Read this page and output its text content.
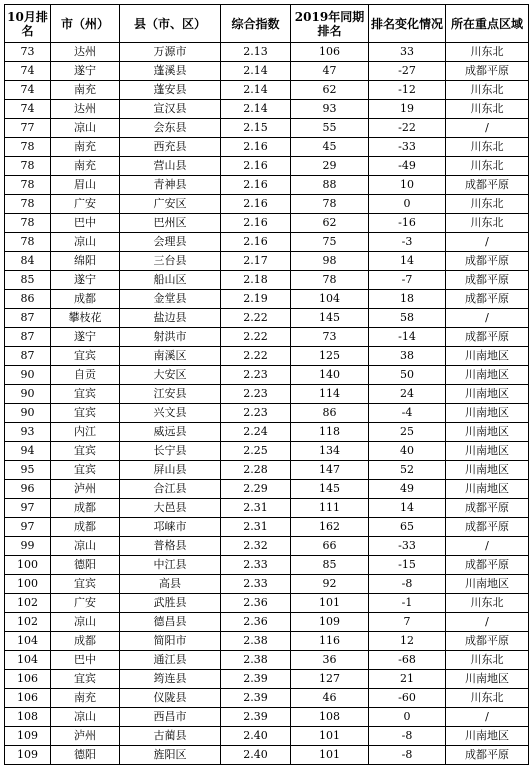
10月排名	市（州）	县（市、区）	综合指数	2019年同期排名	排名变化情况	所在重点区域
73	达州	万源市	2.13	106	33	川东北
74	遂宁	蓬溪县	2.14	47	-27	成都平原
74	南充	蓬安县	2.14	62	-12	川东北
74	达州	宣汉县	2.14	93	19	川东北
77	凉山	会东县	2.15	55	-22	/
78	南充	西充县	2.16	45	-33	川东北
78	南充	营山县	2.16	29	-49	川东北
78	眉山	青神县	2.16	88	10	成都平原
78	广安	广安区	2.16	78	0	川东北
78	巴中	巴州区	2.16	62	-16	川东北
78	凉山	会理县	2.16	75	-3	/
84	绵阳	三台县	2.17	98	14	成都平原
85	遂宁	船山区	2.18	78	-7	成都平原
86	成都	金堂县	2.19	104	18	成都平原
87	攀枝花	盐边县	2.22	145	58	/
87	遂宁	射洪市	2.22	73	-14	成都平原
87	宜宾	南溪区	2.22	125	38	川南地区
90	自贡	大安区	2.23	140	50	川南地区
90	宜宾	江安县	2.23	114	24	川南地区
90	宜宾	兴文县	2.23	86	-4	川南地区
93	内江	威远县	2.24	118	25	川南地区
94	宜宾	长宁县	2.25	134	40	川南地区
95	宜宾	屏山县	2.28	147	52	川南地区
96	泸州	合江县	2.29	145	49	川南地区
97	成都	大邑县	2.31	111	14	成都平原
97	成都	邛崃市	2.31	162	65	成都平原
99	凉山	普格县	2.32	66	-33	/
100	德阳	中江县	2.33	85	-15	成都平原
100	宜宾	高县	2.33	92	-8	川南地区
102	广安	武胜县	2.36	101	-1	川东北
102	凉山	德昌县	2.36	109	7	/
104	成都	简阳市	2.38	116	12	成都平原
104	巴中	通江县	2.38	36	-68	川东北
106	宜宾	筠连县	2.39	127	21	川南地区
106	南充	仪陇县	2.39	46	-60	川东北
108	凉山	西昌市	2.39	108	0	/
109	泸州	古蔺县	2.40	101	-8	川南地区
109	德阳	旌阳区	2.40	101	-8	成都平原
